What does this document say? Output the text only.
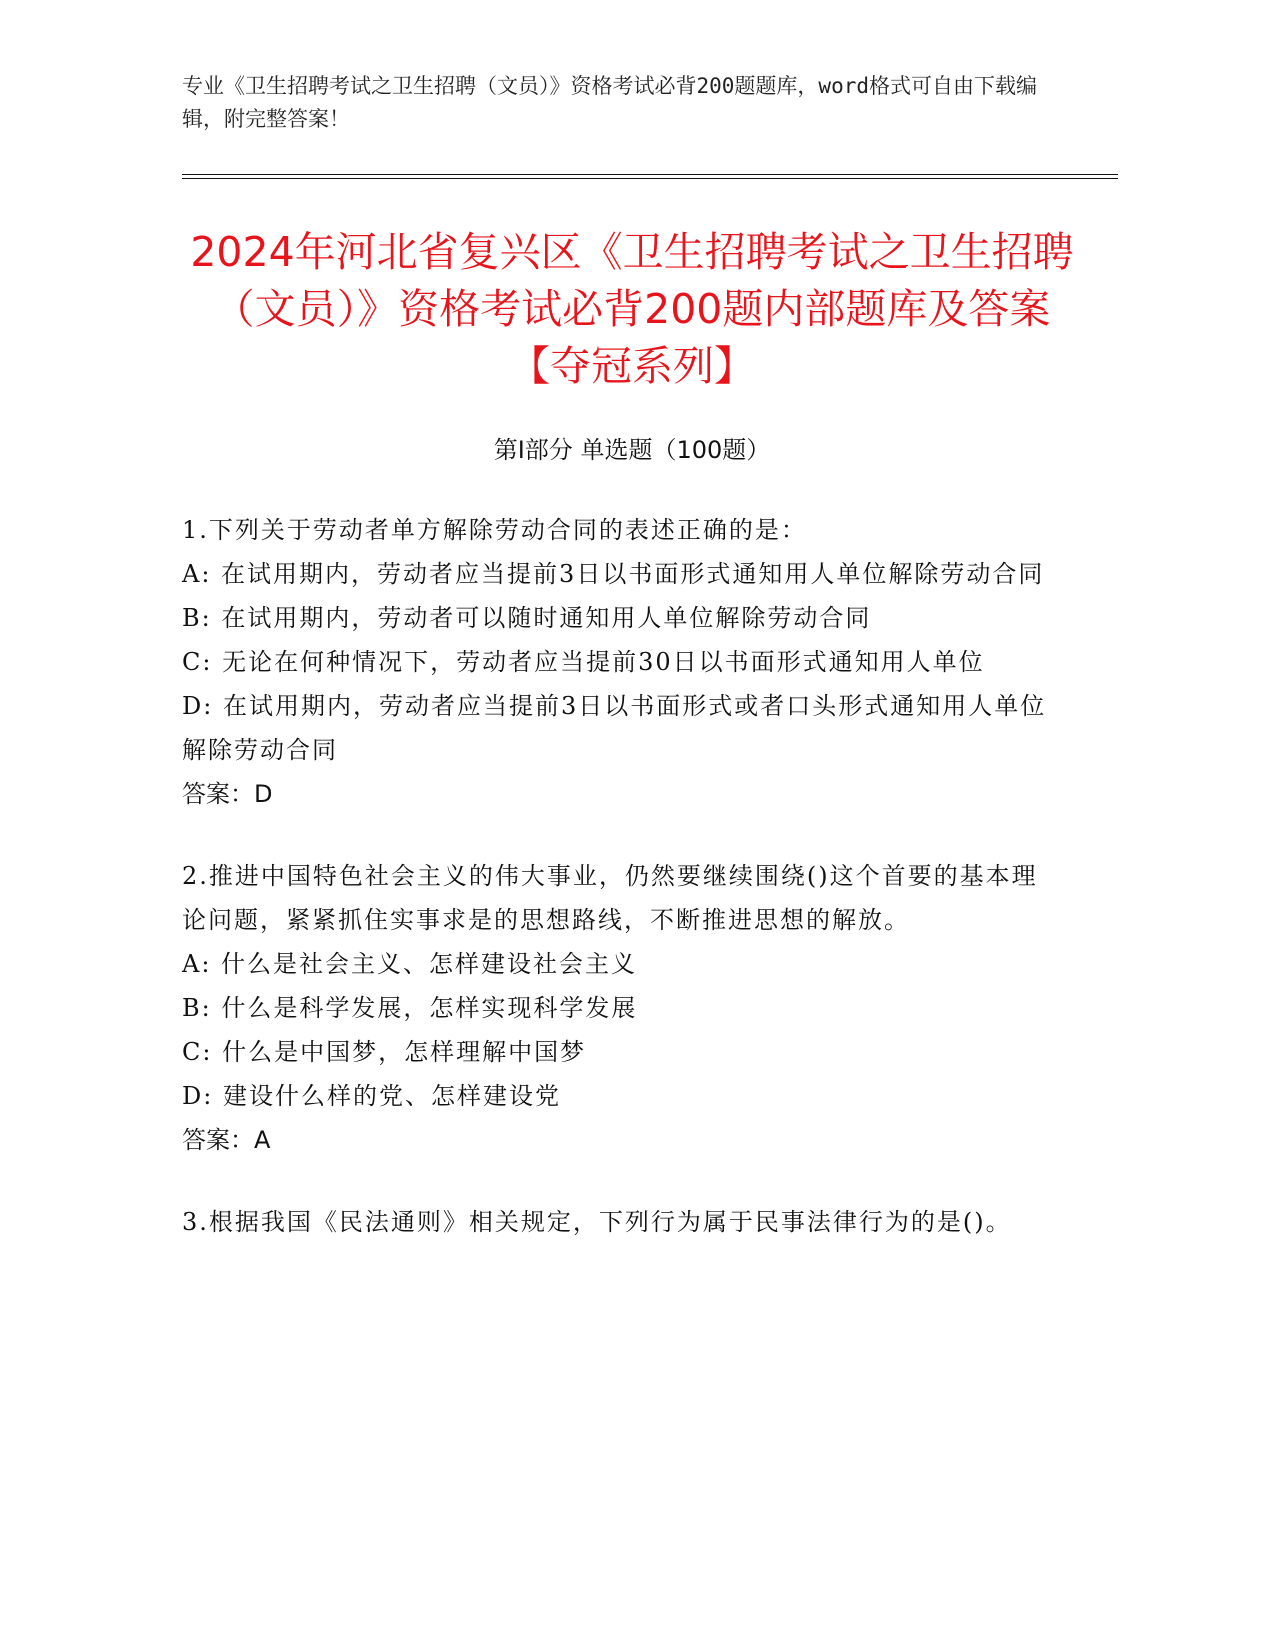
专业《卫生招聘考试之卫生招聘（文员）》资格考试必背200题题库，word格式可自由下载编辑，附完整答案！

2024年河北省复兴区《卫生招聘考试之卫生招聘（文员）》资格考试必背200题内部题库及答案【夺冠系列】
第Ⅰ部分 单选题（100题）

1.下列关于劳动者单方解除劳动合同的表述正确的是：

A: 在试用期内，劳动者应当提前3日以书面形式通知用人单位解除劳动合同

B: 在试用期内，劳动者可以随时通知用人单位解除劳动合同

C: 无论在何种情况下，劳动者应当提前30日以书面形式通知用人单位

D: 在试用期内，劳动者应当提前3日以书面形式或者口头形式通知用人单位解除劳动合同

答案：D

2.推进中国特色社会主义的伟大事业，仍然要继续围绕()这个首要的基本理论问题，紧紧抓住实事求是的思想路线，不断推进思想的解放。

A: 什么是社会主义、怎样建设社会主义

B: 什么是科学发展，怎样实现科学发展

C: 什么是中国梦，怎样理解中国梦

D: 建设什么样的党、怎样建设党

答案：A

3.根据我国《民法通则》相关规定，下列行为属于民事法律行为的是()。
